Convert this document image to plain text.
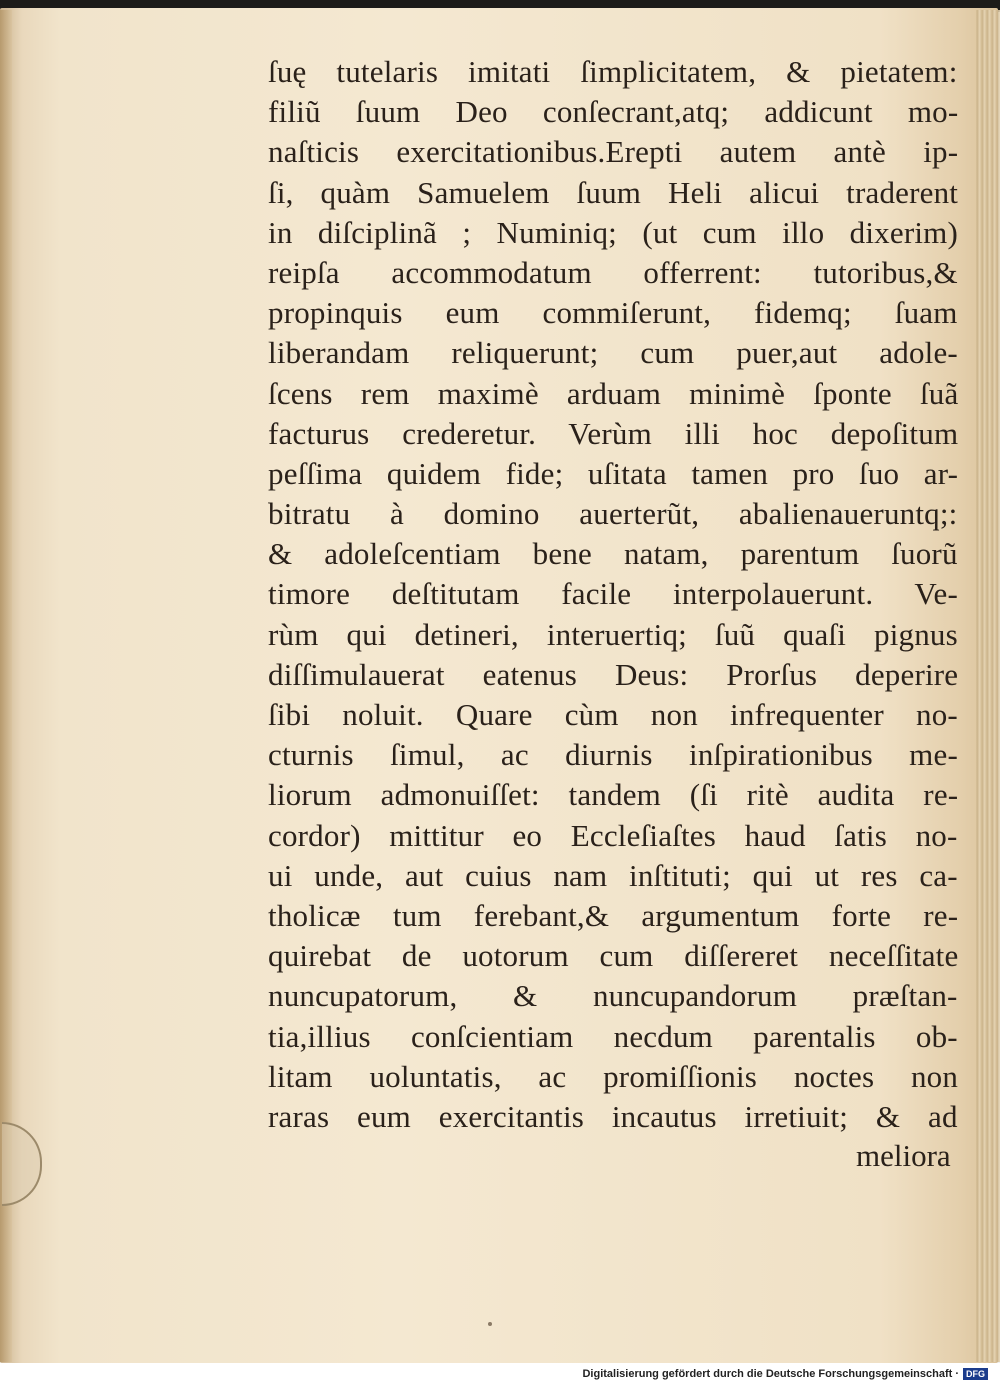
ſuę tutelaris imitati ſimplicitatem, & pietatem:
filiũ ſuum Deo conſecrant,atq; addicunt mo-
naſticis exercitationibus.Erepti autem antè ip-
ſi, quàm Samuelem ſuum Heli alicui traderent
in diſciplinã ; Numiniq; (ut cum illo dixerim)
reipſa accommodatum offerrent: tutoribus,&
propinquis eum commiſerunt, fidemq; ſuam
liberandam reliquerunt; cum puer,aut adole-
ſcens rem maximè arduam minimè ſponte ſuã
facturus crederetur. Verùm illi hoc depoſitum
peſſima quidem fide; uſitata tamen pro ſuo ar-
bitratu à domino auerterũt, abalienaueruntq;:
& adoleſcentiam bene natam, parentum ſuorũ
timore deſtitutam facile interpolauerunt. Ve-
rùm qui detineri, interuertiq; ſuũ quaſi pignus
diſſimulauerat eatenus Deus: Prorſus deperire
ſibi noluit. Quare cùm non infrequenter no-
cturnis ſimul, ac diurnis inſpirationibus me-
liorum admonuiſſet: tandem (ſi ritè audita re-
cordor) mittitur eo Eccleſiaſtes haud ſatis no-
ui unde, aut cuius nam inſtituti; qui ut res ca-
tholicæ tum ferebant,& argumentum forte re-
quirebat de uotorum cum diſſereret neceſſitate
nuncupatorum, & nuncupandorum præſtan-
tia,illius conſcientiam necdum parentalis ob-
litam uoluntatis, ac promiſſionis noctes non
raras eum exercitantis incautus irretiuit; & ad
meliora
Digitalisierung gefördert durch die Deutsche Forschungsgemeinschaft · DFG
